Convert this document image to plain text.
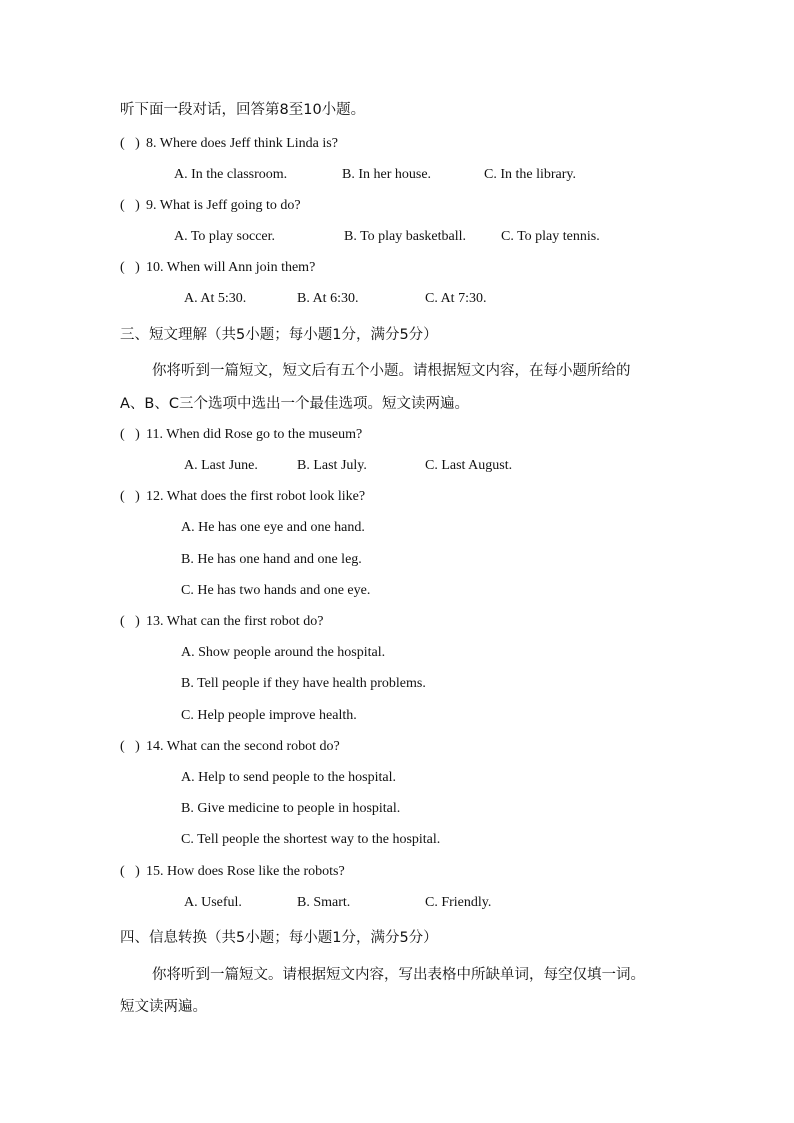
听下面一段对话，回答第8至10小题。
(   ) 8. Where does Jeff think Linda is?
A. In the classroom.	B. In her house.	C. In the library.
(   ) 9. What is Jeff going to do?
A. To play soccer.	B. To play basketball. C. To play tennis.
(   ) 10. When will Ann join them?
A. At 5:30.	B. At 6:30.	C. At 7:30.
三、短文理解（共5小题；每小题1分，满分5分）
你将听到一篇短文，短文后有五个小题。请根据短文内容，在每小题所给的
A、B、C三个选项中选出一个最佳选项。短文读两遍。
(   ) 11. When did Rose go to the museum?
A. Last June.	B. Last July.	C. Last August.
(   ) 12. What does the first robot look like?
A. He has one eye and one hand.
B. He has one hand and one leg.
C. He has two hands and one eye.
(   ) 13. What can the first robot do?
A. Show people around the hospital.
B. Tell people if they have health problems.
C. Help people improve health.
(   ) 14. What can the second robot do?
A. Help to send people to the hospital.
B. Give medicine to people in hospital.
C. Tell people the shortest way to the hospital.
(   ) 15. How does Rose like the robots?
A. Useful.	B. Smart.	C. Friendly.
四、信息转换（共5小题；每小题1分，满分5分）
你将听到一篇短文。请根据短文内容，写出表格中所缺单词，每空仅填一词。
短文读两遍。
